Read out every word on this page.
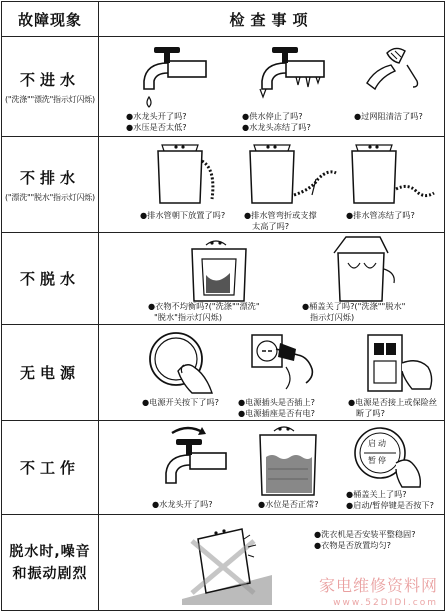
故障现象	检查事项
不进水
("洗涤""漂洗"指示灯闪烁)
●水龙头开了吗?
●水压是否太低?
●供水停止了吗?
●水龙头冻结了吗?
●过网阻清洁了吗?
不排水
("漂洗""脱水"指示灯闪烁)
●排水管朝下放置了吗? ●排水管弯折或支撑
太高了吗?
●排水管冻结了吗?
不脱水
●衣物不均衡吗?("洗涤""漂洗"
"脱水"指示灯闪烁)
●桶盖关了吗?("洗涤""脱水"
指示灯闪烁)
无电源
●电源开关按下了吗? ●电源插头是否插上?
●电源插座是否有电?
●电源是否接上或保险丝
断了吗?
不工作
启动
暂停
●水龙头开了吗?	●水位是否正常?
●桶盖关上了吗?
●启动/暂停键是否按下?
脱水时,噪音
和振动剧烈
●洗衣机是否安装平整稳固?
●衣物是否放置均匀?
家电维修资料网
www.52DIDI.com
